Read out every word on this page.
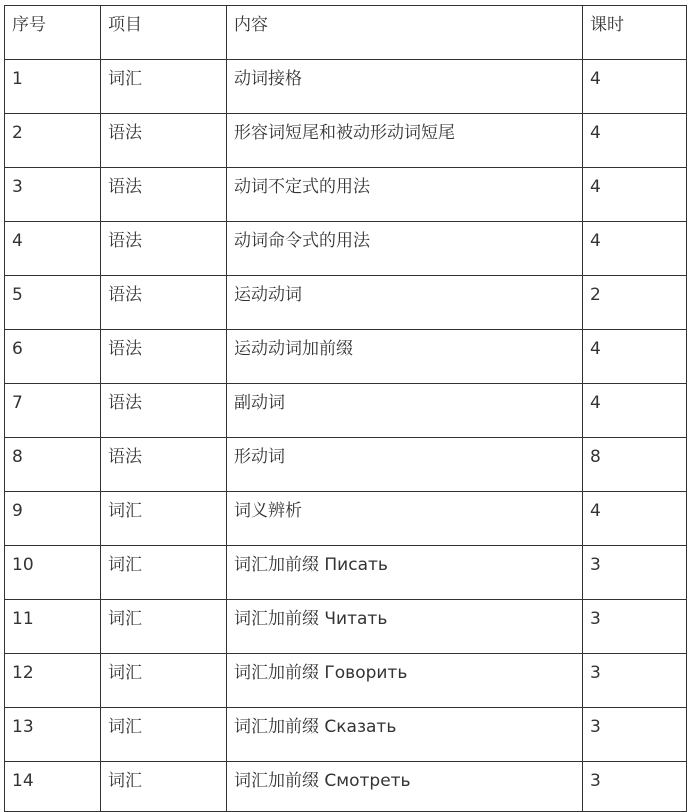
序号	项目	内容	课时
1	词汇	动词接格	4
2	语法	形容词短尾和被动形动词短尾	4
3	语法	动词不定式的用法	4
4	语法	动词命令式的用法	4
5	语法	运动动词	2
6	语法	运动动词加前缀	4
7	语法	副动词	4
8	语法	形动词	8
9	词汇	词义辨析	4
10	词汇	词汇加前缀 Писать	3
11	词汇	词汇加前缀 Читать	3
12	词汇	词汇加前缀 Говорить	3
13	词汇	词汇加前缀 Сказать	3
14	词汇	词汇加前缀 Смотреть	3
